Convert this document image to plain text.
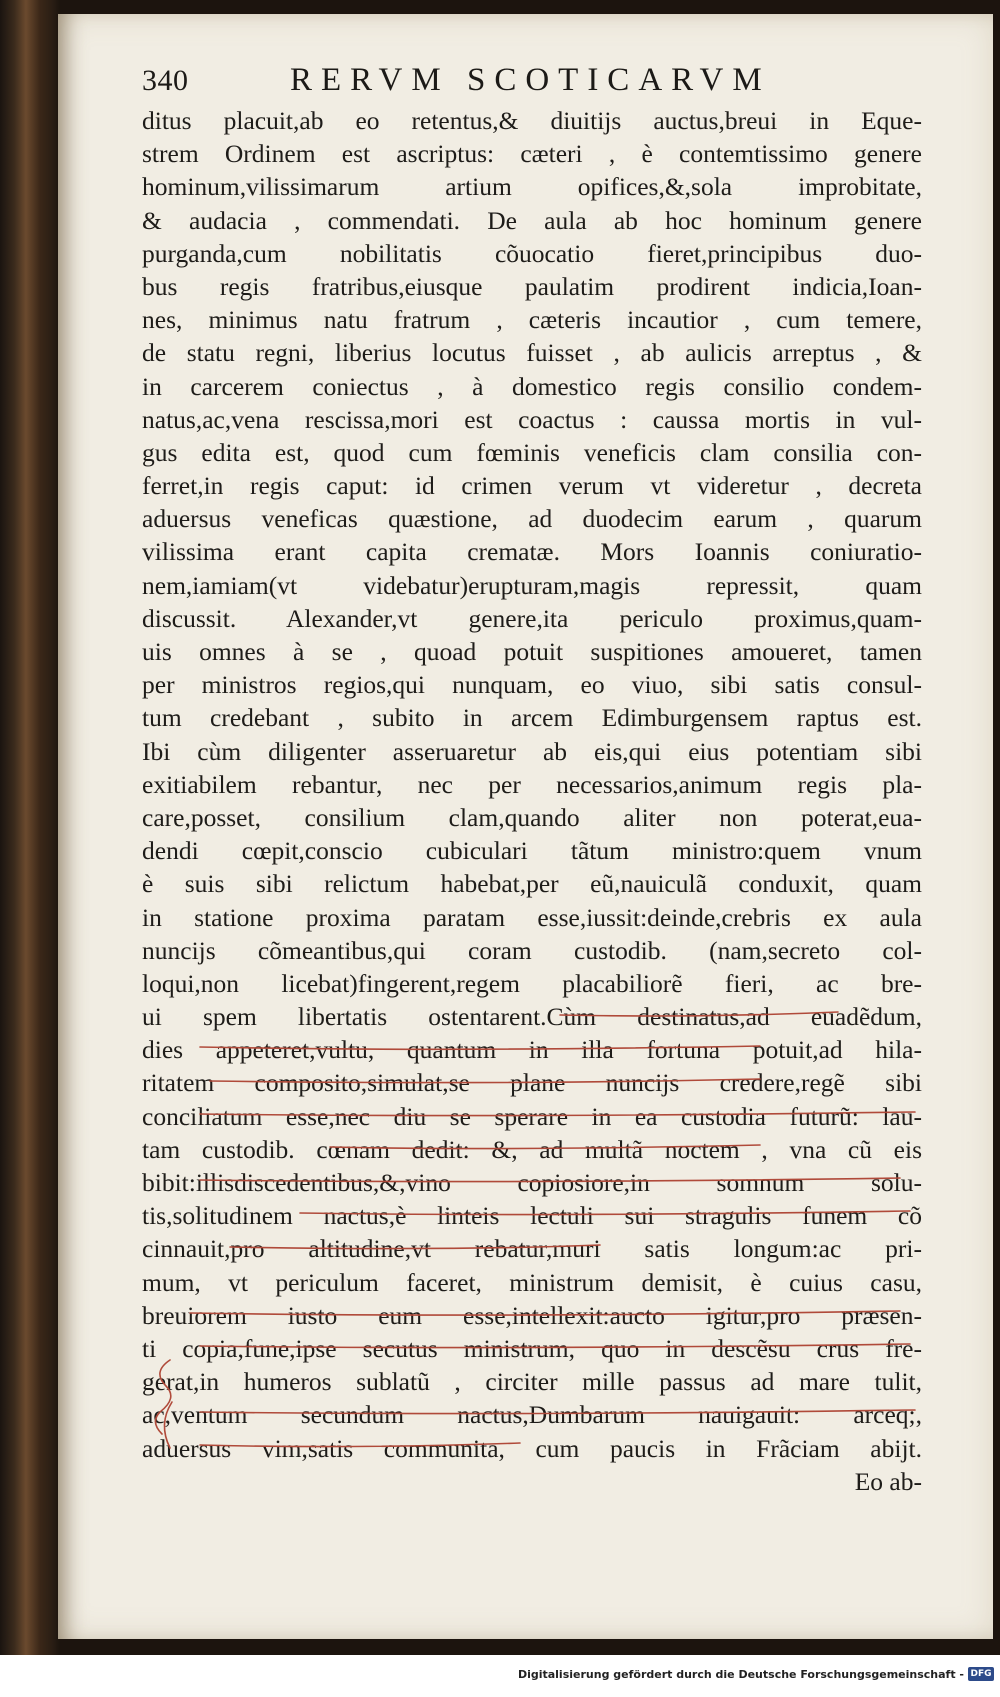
340	RERVM SCOTICARVM
ditus placuit,ab eo retentus,& diuitijs auctus,breui in Eque-
strem Ordinem est ascriptus: cæteri , è contemtissimo genere
hominum,vilissimarum artium opifices,&,sola improbitate,
& audacia , commendati. De aula ab hoc hominum genere
purganda,cum nobilitatis cõuocatio fieret,principibus duo-
bus regis fratribus,eiusque paulatim prodirent indicia,Ioan-
nes, minimus natu fratrum , cæteris incautior , cum temere,
de statu regni, liberius locutus fuisset , ab aulicis arreptus , &
in carcerem coniectus , à domestico regis consilio condem-
natus,ac,vena rescissa,mori est coactus : caussa mortis in vul-
gus edita est, quod cum fœminis veneficis clam consilia con-
ferret,in regis caput: id crimen verum vt videretur , decreta
aduersus veneficas quæstione, ad duodecim earum , quarum
vilissima erant capita crematæ. Mors Ioannis coniuratio-
nem,iamiam(vt videbatur)erupturam,magis repressit, quam
discussit. Alexander,vt genere,ita periculo proximus,quam-
uis omnes à se , quoad potuit suspitiones amoueret, tamen
per ministros regios,qui nunquam, eo viuo, sibi satis consul-
tum credebant , subito in arcem Edimburgensem raptus est.
Ibi cùm diligenter asseruaretur ab eis,qui eius potentiam sibi
exitiabilem rebantur, nec per necessarios,animum regis pla-
care,posset, consilium clam,quando aliter non poterat,eua-
dendi cœpit,conscio cubiculari tãtum ministro:quem vnum
è suis sibi relictum habebat,per eũ,nauiculã conduxit, quam
in statione proxima paratam esse,iussit:deinde,crebris ex aula
nuncijs cõmeantibus,qui coram custodib. (nam,secreto col-
loqui,non licebat)fingerent,regem placabiliorẽ fieri, ac bre-
ui spem libertatis ostentarent.Cùm destinatus,ad euadẽdum,
dies appeteret,vultu, quantum in illa fortuna potuit,ad hila-
ritatem composito,simulat,se plane nuncijs credere,regẽ sibi
conciliatum esse,nec diu se sperare in ea custodia futurũ: lau-
tam custodib. cœnam dedit: &, ad multã noctem , vna cũ eis
bibit:illisdiscedentibus,&,vino copiosiore,in somnum solu-
tis,solitudinem nactus,è linteis lectuli sui stragulis funem cõ
cinnauit,pro altitudine,vt rebatur,muri satis longum:ac pri-
mum, vt periculum faceret, ministrum demisit, è cuius casu,
breuiorem iusto eum esse,intellexit:aucto igitur,pro præsen-
ti copia,fune,ipse secutus ministrum, quo in descẽsu crus fre-
gerat,in humeros sublatũ , circiter mille passus ad mare tulit,
ac,ventum secundum nactus,Dumbarum nauigauit: arceq;,
aduersus vim,satis communita, cum paucis in Frãciam abijt.
Eo ab-
Digitalisierung gefördert durch die Deutsche Forschungsgemeinschaft - DFG
